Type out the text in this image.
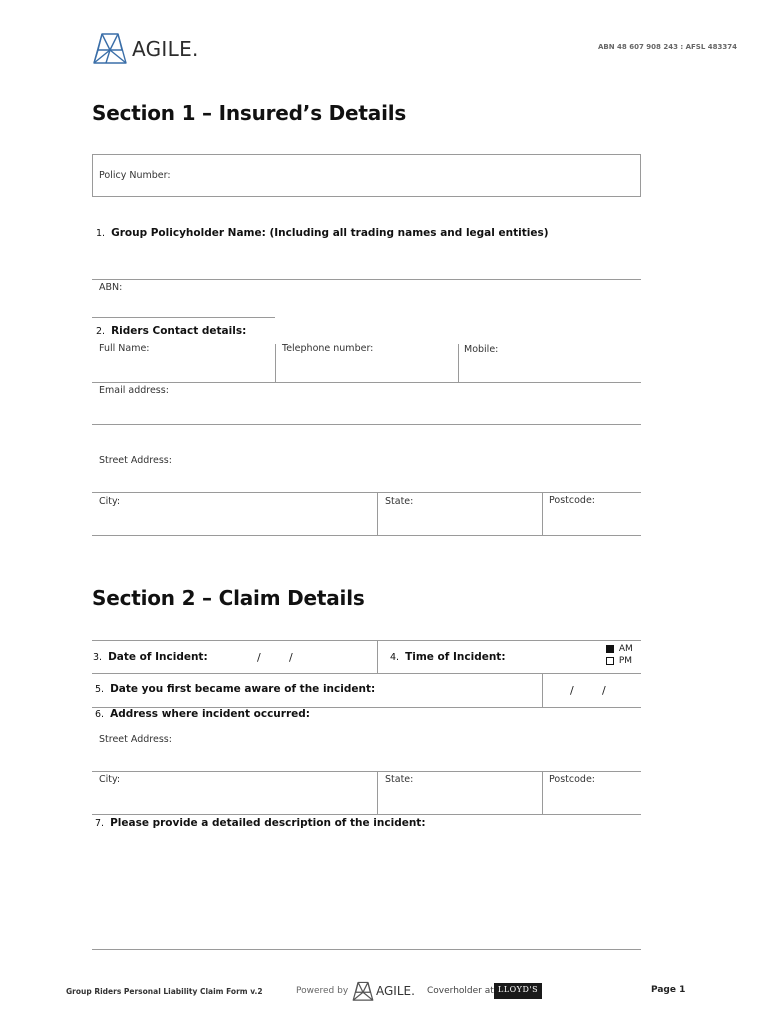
AGILE.	ABN 48 607 908 243 : AFSL 483374
Section 1 – Insured’s Details
Policy Number:
1. Group Policyholder Name: (Including all trading names and legal entities)
ABN:
2. Riders Contact details:
Full Name:	Telephone number:	Mobile:
Email address:
Street Address:
City:	State:	Postcode:
Section 2 – Claim Details
3. Date of Incident:	/	/	4. Time of Incident:
AM
PM
5. Date you first became aware of the incident:	/	/
6. Address where incident occurred:
Street Address:
City:	State:	Postcode:
7. Please provide a detailed description of the incident:
Group Riders Personal Liability Claim Form v.2	Powered by AGILE. Coverholder at LLOYD'S	Page 1
